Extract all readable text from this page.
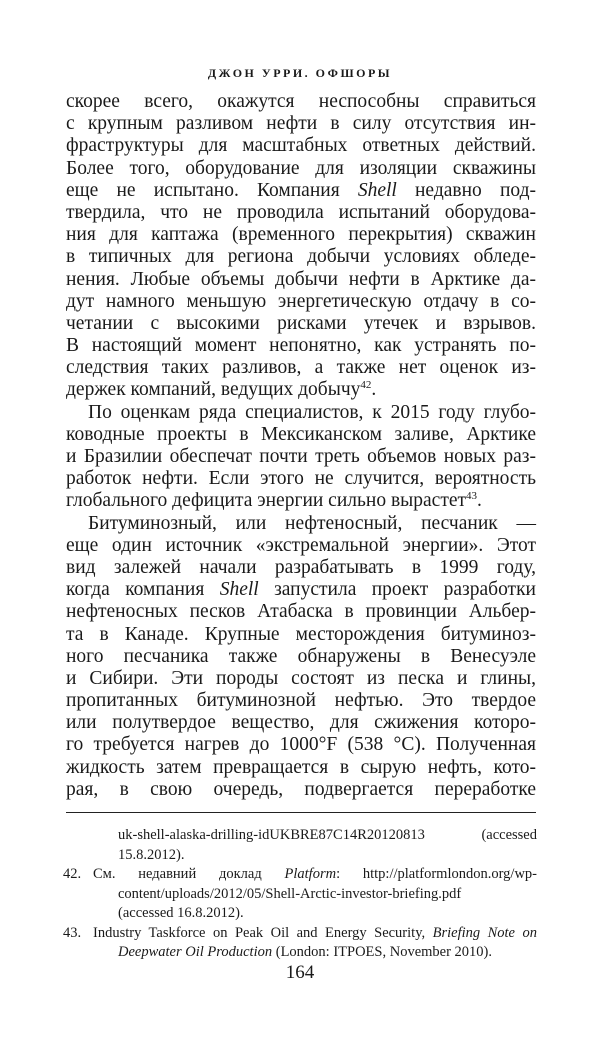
ДЖОН УРРИ. ОФШОРЫ
скорее всего, окажутся неспособны справиться
с крупным разливом нефти в силу отсутствия ин-
фраструктуры для масштабных ответных действий.
Более того, оборудование для изоляции скважины
еще не испытано. Компания Shell недавно под-
твердила, что не проводила испытаний оборудова-
ния для каптажа (временного перекрытия) скважин
в типичных для региона добычи условиях обледе-
нения. Любые объемы добычи нефти в Арктике да-
дут намного меньшую энергетическую отдачу в со-
четании с высокими рисками утечек и взрывов.
В настоящий момент непонятно, как устранять по-
следствия таких разливов, а также нет оценок из-
держек компаний, ведущих добычу$^{42}$.
По оценкам ряда специалистов, к 2015 году глубо-
ководные проекты в Мексиканском заливе, Арктике
и Бразилии обеспечат почти треть объемов новых раз-
работок нефти. Если этого не случится, вероятность
глобального дефицита энергии сильно вырастет$^{43}$.
Битуминозный, или нефтеносный, песчаник —
еще один источник «экстремальной энергии». Этот
вид залежей начали разрабатывать в 1999 году,
когда компания Shell запустила проект разработки
нефтеносных песков Атабаска в провинции Альбер-
та в Канаде. Крупные месторождения битуминоз-
ного песчаника также обнаружены в Венесуэле
и Сибири. Эти породы состоят из песка и глины,
пропитанных битуминозной нефтью. Это твердое
или полутвердое вещество, для сжижения которо-
го требуется нагрев до 1000°F (538 °C). Полученная
жидкость затем превращается в сырую нефть, кото-
рая, в свою очередь, подвергается переработке
uk-shell-alaska-drilling-idUKBRE87C14R20120813 (accessed
15.8.2012).
42. См. недавний доклад Platform: http://platformlondon.org/wp-
content/uploads/2012/05/Shell-Arctic-investor-briefing.pdf
(accessed 16.8.2012).
43. Industry Taskforce on Peak Oil and Energy Security, Briefing Note on
Deepwater Oil Production (London: ITPOES, November 2010).
164
